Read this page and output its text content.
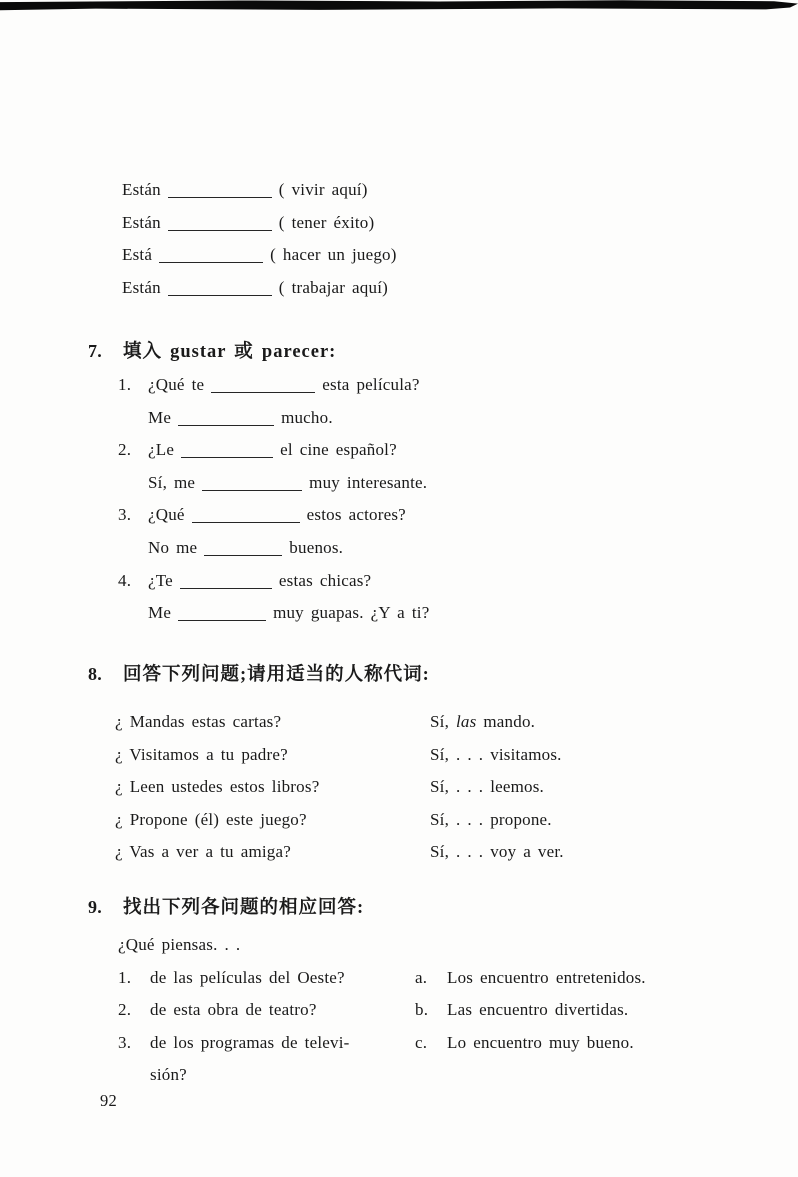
Están	( vivir aquí)
Están	( tener éxito)
Está	( hacer un juego)
Están	( trabajar aquí)
7. 填入 gustar 或 parecer:
1. ¿Qué te	esta película?
Me	mucho.
2. ¿Le	el cine español?
Sí, me	muy interesante.
3. ¿Qué	estos actores?
No me	buenos.
4. ¿Te	estas chicas?
Me	muy guapas. ¿Y a ti?
8. 回答下列问题;请用适当的人称代词:
¿ Mandas estas cartas?	Sí, las mando.
¿ Visitamos a tu padre?	Sí, . . . visitamos.
¿ Leen ustedes estos libros?	Sí, . . . leemos.
¿ Propone (él) este juego?	Sí, . . . propone.
¿ Vas a ver a tu amiga?	Sí, . . . voy a ver.
9. 找出下列各问题的相应回答:
¿Qué piensas. . .
1. de las películas del Oeste?	a. Los encuentro entretenidos.
2. de esta obra de teatro?	b. Las encuentro divertidas.
3. de los programas de televi-	c. Lo encuentro muy bueno.
sión?
92
